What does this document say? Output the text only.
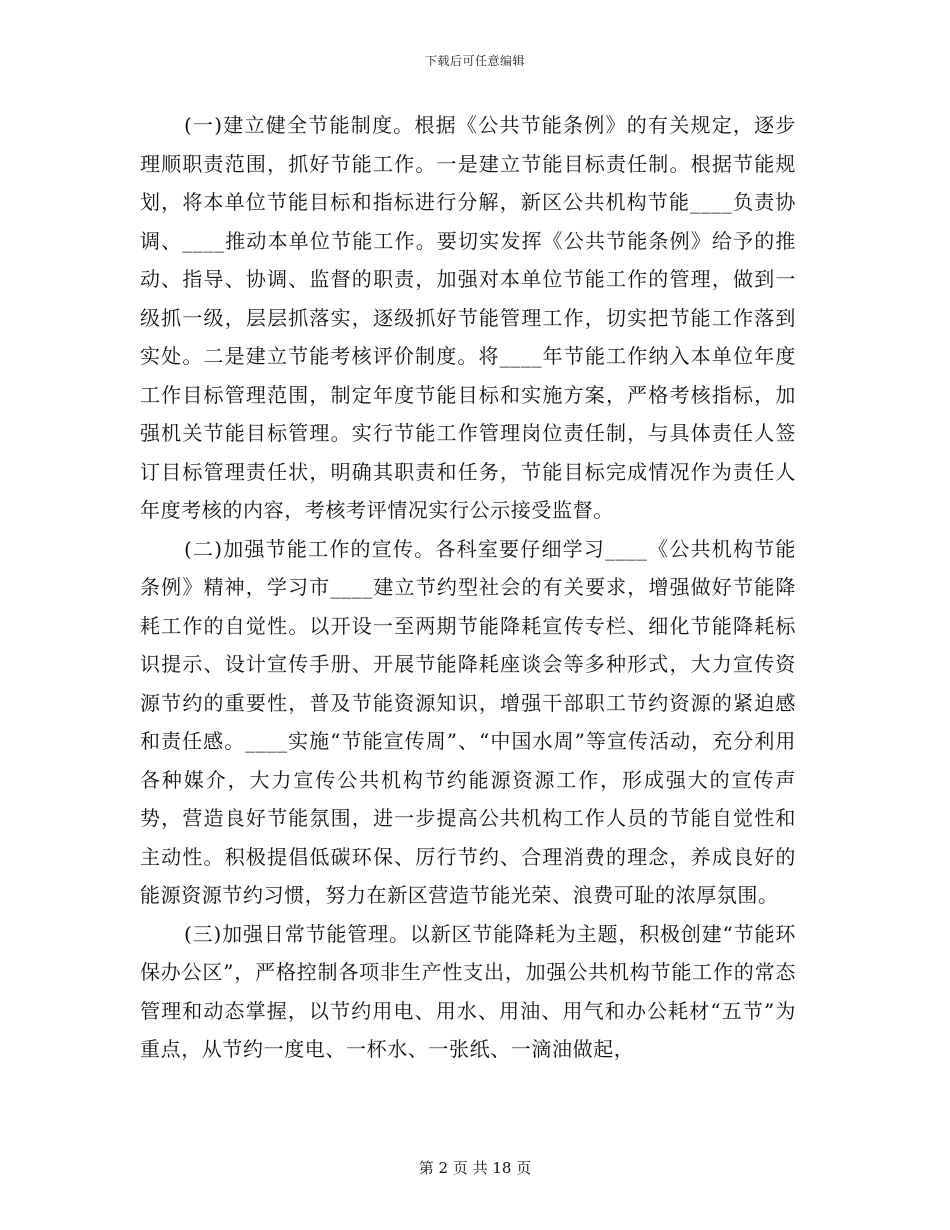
下载后可任意编辑

(一)建立健全节能制度。根据《公共节能条例》的有关规定，逐步理顺职责范围，抓好节能工作。一是建立节能目标责任制。根据节能规划，将本单位节能目标和指标进行分解，新区公共机构节能____负责协调、____推动本单位节能工作。要切实发挥《公共节能条例》给予的推动、指导、协调、监督的职责，加强对本单位节能工作的管理，做到一级抓一级，层层抓落实，逐级抓好节能管理工作，切实把节能工作落到实处。二是建立节能考核评价制度。将____年节能工作纳入本单位年度工作目标管理范围，制定年度节能目标和实施方案，严格考核指标，加强机关节能目标管理。实行节能工作管理岗位责任制，与具体责任人签订目标管理责任状，明确其职责和任务，节能目标完成情况作为责任人年度考核的内容，考核考评情况实行公示接受监督。

(二)加强节能工作的宣传。各科室要仔细学习____《公共机构节能条例》精神，学习市____建立节约型社会的有关要求，增强做好节能降耗工作的自觉性。以开设一至两期节能降耗宣传专栏、细化节能降耗标识提示、设计宣传手册、开展节能降耗座谈会等多种形式，大力宣传资源节约的重要性，普及节能资源知识，增强干部职工节约资源的紧迫感和责任感。____实施“节能宣传周”、“中国水周”等宣传活动，充分利用各种媒介，大力宣传公共机构节约能源资源工作，形成强大的宣传声势，营造良好节能氛围，进一步提高公共机构工作人员的节能自觉性和主动性。积极提倡低碳环保、厉行节约、合理消费的理念，养成良好的能源资源节约习惯，努力在新区营造节能光荣、浪费可耻的浓厚氛围。

(三)加强日常节能管理。以新区节能降耗为主题，积极创建“节能环保办公区”，严格控制各项非生产性支出，加强公共机构节能工作的常态管理和动态掌握，以节约用电、用水、用油、用气和办公耗材“五节”为重点，从节约一度电、一杯水、一张纸、一滴油做起，

第 2 页 共 18 页
